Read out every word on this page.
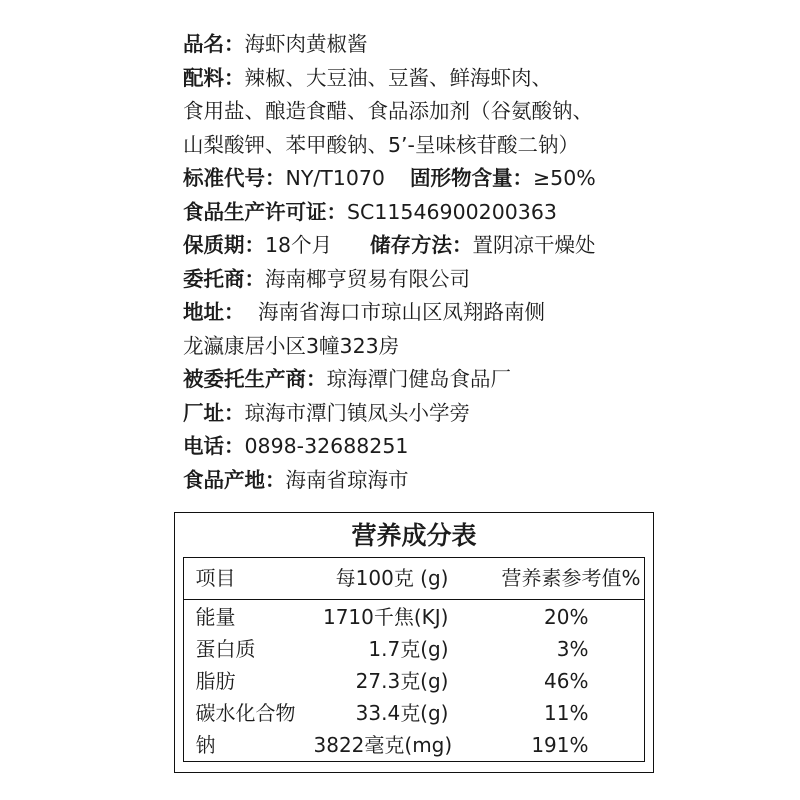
品名：海虾肉黄椒酱
配料：辣椒、大豆油、豆酱、鲜海虾肉、
食用盐、酿造食醋、食品添加剂（谷氨酸钠、
山梨酸钾、苯甲酸钠、5’-呈味核苷酸二钠）
标准代号：NY/T1070 固形物含量：≥50%
食品生产许可证：SC11546900200363
保质期：18个月 储存方法：置阴凉干燥处
委托商：海南椰亨贸易有限公司
地址： 海南省海口市琼山区凤翔路南侧
龙瀛康居小区3幢323房
被委托生产商：琼海潭门健岛食品厂
厂址：琼海市潭门镇凤头小学旁
电话：0898-32688251
食品产地：海南省琼海市
营养成分表
项目	每100克 (g)	营养素参考值%
能量	1710千焦(KJ)	20%
蛋白质	1.7克(g)	3%
脂肪	27.3克(g)	46%
碳水化合物	33.4克(g)	11%
钠	3822毫克(mg)	191%
